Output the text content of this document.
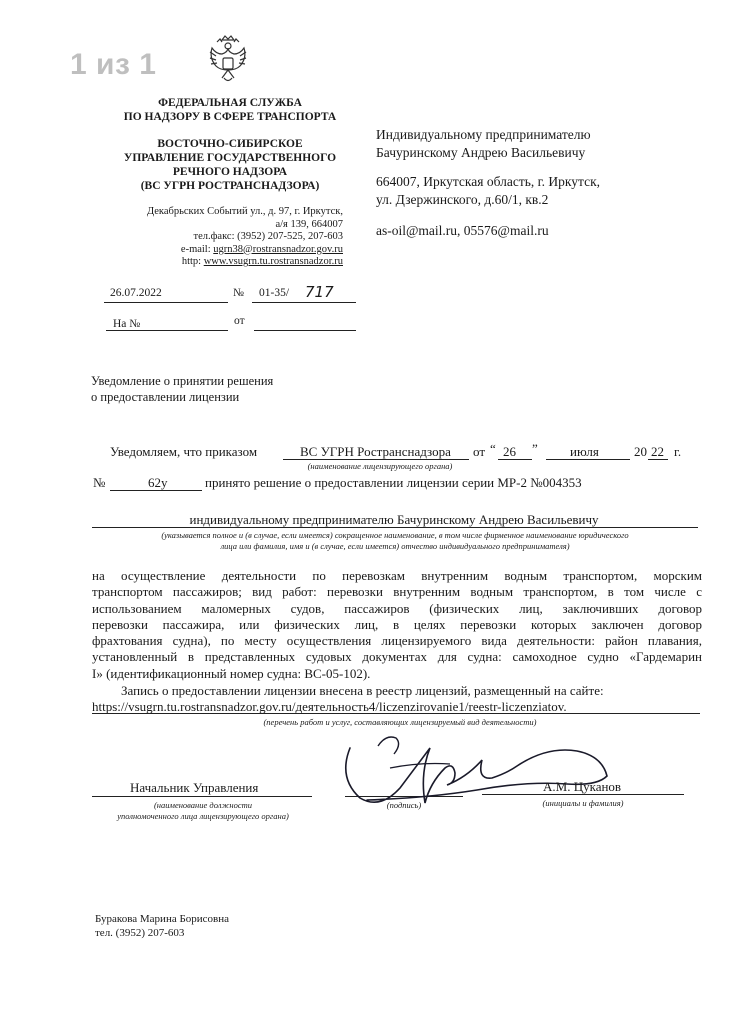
1 из 1
ФЕДЕРАЛЬНАЯ СЛУЖБА
ПО НАДЗОРУ В СФЕРЕ ТРАНСПОРТА
ВОСТОЧНО-СИБИРСКОЕ
УПРАВЛЕНИЕ ГОСУДАРСТВЕННОГО
РЕЧНОГО НАДЗОРА
(ВС УГРН РОСТРАНСНАДЗОРА)
Декабрьских Событий ул., д. 97, г. Иркутск,
а/я 139, 664007
тел.факс: (3952) 207-525, 207-603
e-mail: ugrn38@rostransnadzor.gov.ru
http: www.vsugrn.tu.rostransnadzor.ru
26.07.2022	№ 01-35/ 717
На №	от
Индивидуальному предпринимателю
Бачуринскому Андрею Васильевичу
664007, Иркутская область, г. Иркутск,
ул. Дзержинского, д.60/1, кв.2
as-oil@mail.ru, 05576@mail.ru
Уведомление о принятии решения
о предоставлении лицензии
Уведомляем, что приказом	ВС УГРН Ространснадзора от “ 26 ” июля	20 22 г.
(наименование лицензирующего органа)
№	62у	принято решение о предоставлении лицензии серии МР-2 №004353
индивидуальному предпринимателю Бачуринскому Андрею Васильевичу
(указывается полное и (в случае, если имеется) сокращенное наименование, в том числе фирменное наименование юридического
лица или фамилия, имя и (в случае, если имеется) отчество индивидуального предпринимателя)
на осуществление деятельности по перевозкам внутренним водным транспортом, морским
транспортом пассажиров; вид работ: перевозки внутренним водным транспортом, в том числе с
использованием маломерных судов, пассажиров (физических лиц, заключивших договор
перевозки пассажира, или физических лиц, в целях перевозки которых заключен договор
фрахтования судна), по месту осуществления лицензируемого вида деятельности: район плавания,
установленный в представленных судовых документах для судна: самоходное судно «Гардемарин
I» (идентификационный номер судна: ВС-05-102).
Запись о предоставлении лицензии внесена в реестр лицензий, размещенный на сайте:
https://vsugrn.tu.rostransnadzor.gov.ru/деятельность4/liczenzirovanie1/reestr-liczenziatov.
(перечень работ и услуг, составляющих лицензируемый вид деятельности)
Начальник Управления
(наименование должности
уполномоченного лица лицензирующего органа)
(подпись)
А.М. Цуканов
(инициалы и фамилия)
Буракова Марина Борисовна
тел. (3952) 207-603
